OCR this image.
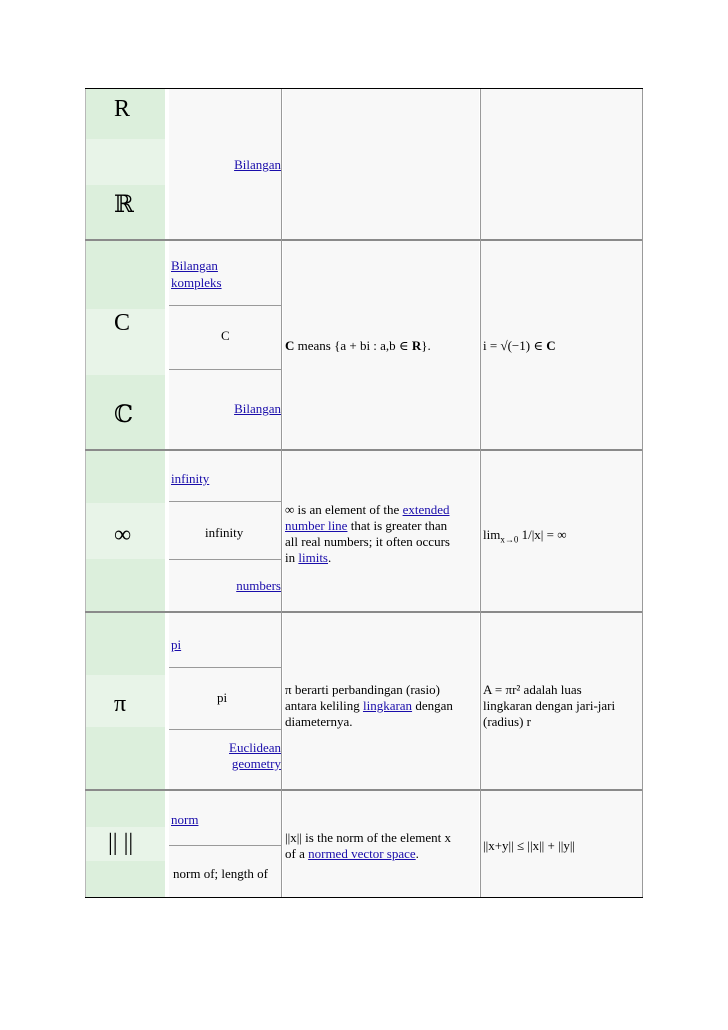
R
ℝ
Bilangan
C
ℂ
Bilangan
kompleks
C
Bilangan
C means {a + bi : a,b ∈ R}.	i = √(−1) ∈ C
∞
infinity
infinity
numbers
∞ is an element of the extended
number line that is greater than
all real numbers; it often occurs
in limits.
$\lim_{x\to 0} 1/|x|$ = ∞
π
pi
pi
Euclidean
geometry
π berarti perbandingan (rasio)
antara keliling lingkaran dengan
diameternya.
A = πr² adalah luas
lingkaran dengan jari-jari
(radius) r
|| ||
norm
norm of; length of
||x|| is the norm of the element x
of a normed vector space.
||x+y|| ≤ ||x|| + ||y||
